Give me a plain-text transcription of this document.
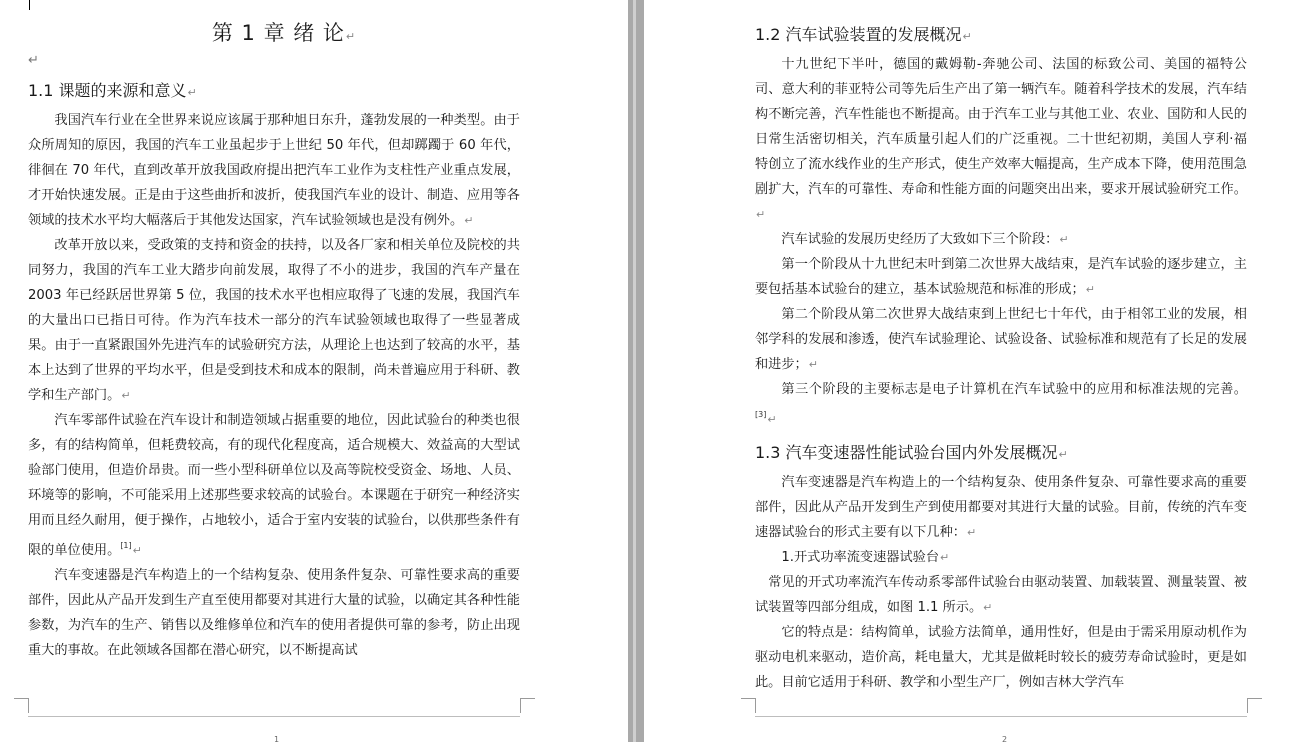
第 1 章 绪 论↵
↵
1.1 课题的来源和意义↵

我国汽车行业在全世界来说应该属于那种旭日东升，蓬勃发展的一种类型。由于众所周知的原因，我国的汽车工业虽起步于上世纪 50 年代，但却踯躅于 60 年代，徘徊在 70 年代，直到改革开放我国政府提出把汽车工业作为支柱性产业重点发展，才开始快速发展。正是由于这些曲折和波折，使我国汽车业的设计、制造、应用等各领域的技术水平均大幅落后于其他发达国家，汽车试验领域也是没有例外。↵

改革开放以来，受政策的支持和资金的扶持，以及各厂家和相关单位及院校的共同努力，我国的汽车工业大踏步向前发展，取得了不小的进步，我国的汽车产量在 2003 年已经跃居世界第 5 位，我国的技术水平也相应取得了飞速的发展，我国汽车的大量出口已指日可待。作为汽车技术一部分的汽车试验领域也取得了一些显著成果。由于一直紧跟国外先进汽车的试验研究方法，从理论上也达到了较高的水平，基本上达到了世界的平均水平，但是受到技术和成本的限制，尚未普遍应用于科研、教学和生产部门。↵

汽车零部件试验在汽车设计和制造领域占据重要的地位，因此试验台的种类也很多，有的结构简单，但耗费较高，有的现代化程度高，适合规模大、效益高的大型试验部门使用，但造价昂贵。而一些小型科研单位以及高等院校受资金、场地、人员、环境等的影响，不可能采用上述那些要求较高的试验台。本课题在于研究一种经济实用而且经久耐用，便于操作，占地较小，适合于室内安装的试验台，以供那些条件有限的单位使用。[1]↵

汽车变速器是汽车构造上的一个结构复杂、使用条件复杂、可靠性要求高的重要部件，因此从产品开发到生产直至使用都要对其进行大量的试验，以确定其各种性能参数，为汽车的生产、销售以及维修单位和汽车的使用者提供可靠的参考，防止出现重大的事故。在此领域各国都在潜心研究，以不断提高试

1
1.2 汽车试验装置的发展概况↵

十九世纪下半叶，德国的戴姆勒-奔驰公司、法国的标致公司、美国的福特公司、意大利的菲亚特公司等先后生产出了第一辆汽车。随着科学技术的发展，汽车结构不断完善，汽车性能也不断提高。由于汽车工业与其他工业、农业、国防和人民的日常生活密切相关，汽车质量引起人们的广泛重视。二十世纪初期，美国人亨利·福特创立了流水线作业的生产形式，使生产效率大幅提高，生产成本下降，使用范围急剧扩大，汽车的可靠性、寿命和性能方面的问题突出出来，要求开展试验研究工作。↵

汽车试验的发展历史经历了大致如下三个阶段：↵

第一个阶段从十九世纪末叶到第二次世界大战结束，是汽车试验的逐步建立，主要包括基本试验台的建立，基本试验规范和标准的形成；↵

第二个阶段从第二次世界大战结束到上世纪七十年代，由于相邻工业的发展，相邻学科的发展和渗透，使汽车试验理论、试验设备、试验标准和规范有了长足的发展和进步；↵

第三个阶段的主要标志是电子计算机在汽车试验中的应用和标准法规的完善。[3]↵

1.3 汽车变速器性能试验台国内外发展概况↵

汽车变速器是汽车构造上的一个结构复杂、使用条件复杂、可靠性要求高的重要部件，因此从产品开发到生产到使用都要对其进行大量的试验。目前，传统的汽车变速器试验台的形式主要有以下几种：↵

1.开式功率流变速器试验台↵

常见的开式功率流汽车传动系零部件试验台由驱动装置、加载装置、测量装置、被试装置等四部分组成，如图 1.1 所示。↵

它的特点是：结构简单，试验方法简单，通用性好，但是由于需采用原动机作为驱动电机来驱动，造价高，耗电量大，尤其是做耗时较长的疲劳寿命试验时，更是如此。目前它适用于科研、教学和小型生产厂，例如吉林大学汽车

2
